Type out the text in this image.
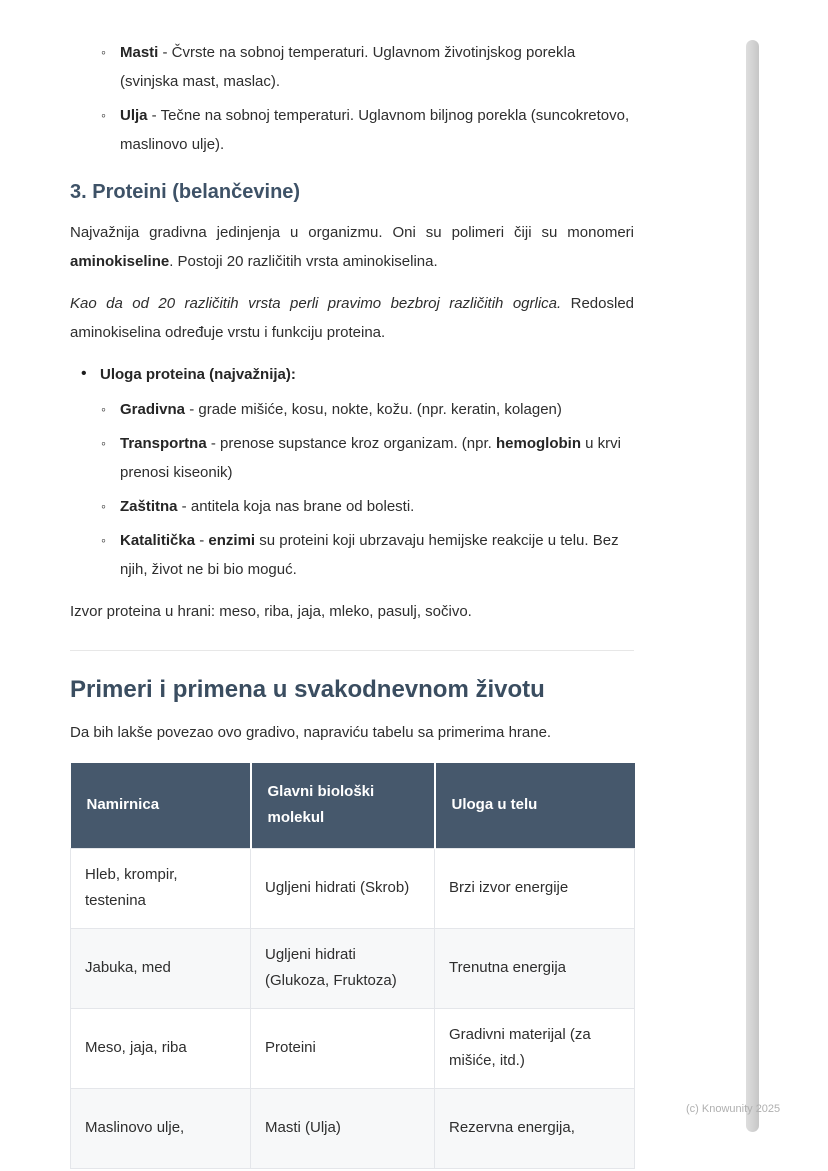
◦ Masti - Čvrste na sobnoj temperaturi. Uglavnom životinjskog porekla (svinjska mast, maslac).
◦ Ulja - Tečne na sobnoj temperaturi. Uglavnom biljnog porekla (suncokretovo, maslinovo ulje).
3. Proteini (belančevine)

Najvažnija gradivna jedinjenja u organizmu. Oni su polimeri čiji su monomeri aminokiseline. Postoji 20 različitih vrsta aminokiselina.

Kao da od 20 različitih vrsta perli pravimo bezbroj različitih ogrlica. Redosled aminokiselina određuje vrstu i funkciju proteina.

• Uloga proteina (najvažnija):
◦ Gradivna - grade mišiće, kosu, nokte, kožu. (npr. keratin, kolagen)
◦ Transportna - prenose supstance kroz organizam. (npr. hemoglobin u krvi prenosi kiseonik)
◦ Zaštitna - antitela koja nas brane od bolesti.
◦ Katalitička - enzimi su proteini koji ubrzavaju hemijske reakcije u telu. Bez njih, život ne bi bio moguć.

Izvor proteina u hrani: meso, riba, jaja, mleko, pasulj, sočivo.

Primeri i primena u svakodnevnom životu

Da bih lakše povezao ovo gradivo, napraviću tabelu sa primerima hrane.

Namirnica	Glavni biološki molekul	Uloga u telu
Hleb, krompir, testenina	Ugljeni hidrati (Skrob)	Brzi izvor energije
Jabuka, med	Ugljeni hidrati (Glukoza, Fruktoza)	Trenutna energija
Meso, jaja, riba	Proteini	Gradivni materijal (za mišiće, itd.)
Maslinovo ulje,	Masti (Ulja)	Rezervna energija,
(c) Knowunity 2025
